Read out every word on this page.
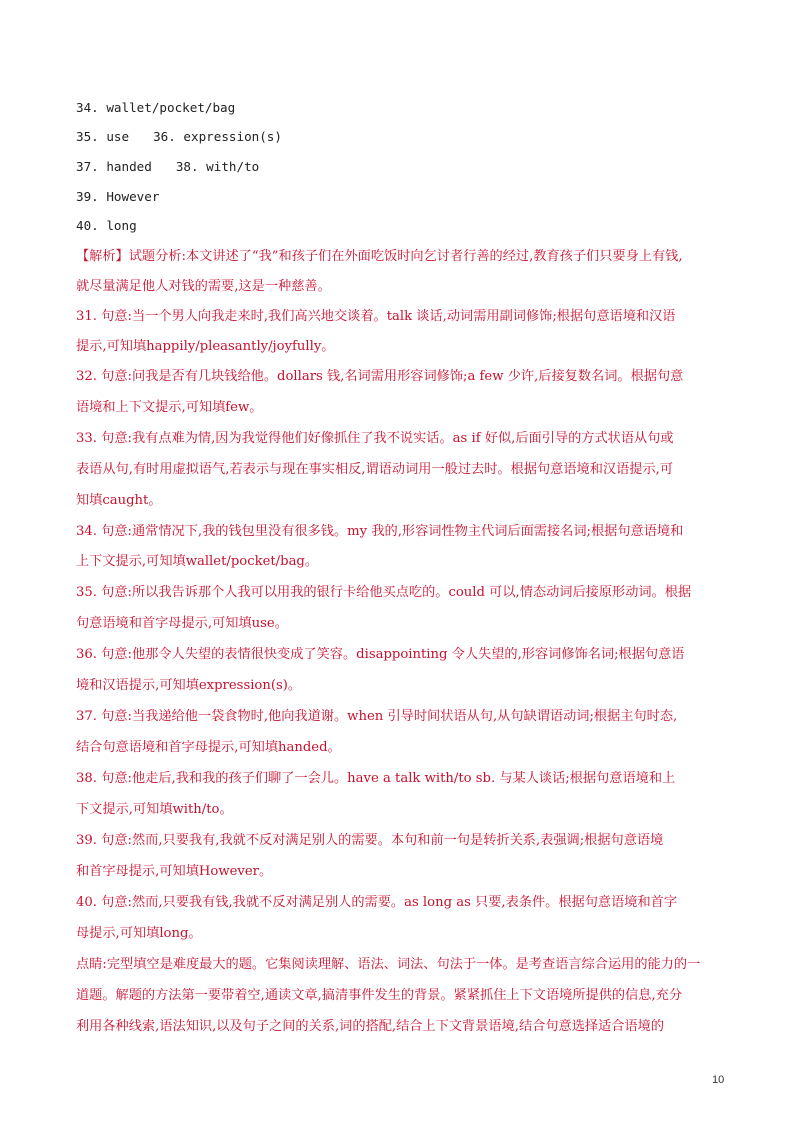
34. wallet/pocket/bag
35. use 36. expression(s)
37. handed 38. with/to
39. However
40. long
【解析】试题分析:本文讲述了“我”和孩子们在外面吃饭时向乞讨者行善的经过,教育孩子们只要身上有钱,
就尽量满足他人对钱的需要,这是一种慈善。
31. 句意:当一个男人向我走来时,我们高兴地交谈着。talk 谈话,动词需用副词修饰;根据句意语境和汉语
提示,可知填happily/pleasantly/joyfully。
32. 句意:问我是否有几块钱给他。dollars 钱,名词需用形容词修饰;a few 少许,后接复数名词。根据句意
语境和上下文提示,可知填few。
33. 句意:我有点难为情,因为我觉得他们好像抓住了我不说实话。as if 好似,后面引导的方式状语从句或
表语从句,有时用虚拟语气,若表示与现在事实相反,谓语动词用一般过去时。根据句意语境和汉语提示,可
知填caught。
34. 句意:通常情况下,我的钱包里没有很多钱。my 我的,形容词性物主代词后面需接名词;根据句意语境和
上下文提示,可知填wallet/pocket/bag。
35. 句意:所以我告诉那个人我可以用我的银行卡给他买点吃的。could 可以,情态动词后接原形动词。根据
句意语境和首字母提示,可知填use。
36. 句意:他那令人失望的表情很快变成了笑容。disappointing 令人失望的,形容词修饰名词;根据句意语
境和汉语提示,可知填expression(s)。
37. 句意:当我递给他一袋食物时,他向我道谢。when 引导时间状语从句,从句缺谓语动词;根据主句时态,
结合句意语境和首字母提示,可知填handed。
38. 句意:他走后,我和我的孩子们聊了一会儿。have a talk with/to sb. 与某人谈话;根据句意语境和上
下文提示,可知填with/to。
39. 句意:然而,只要我有,我就不反对满足别人的需要。本句和前一句是转折关系,表强调;根据句意语境
和首字母提示,可知填However。
40. 句意:然而,只要我有钱,我就不反对满足别人的需要。as long as 只要,表条件。根据句意语境和首字
母提示,可知填long。
点睛:完型填空是难度最大的题。它集阅读理解、语法、词法、句法于一体。是考查语言综合运用的能力的一
道题。解题的方法第一要带着空,通读文章,搞清事件发生的背景。紧紧抓住上下文语境所提供的信息,充分
利用各种线索,语法知识,以及句子之间的关系,词的搭配,结合上下文背景语境,结合句意选择适合语境的
10
